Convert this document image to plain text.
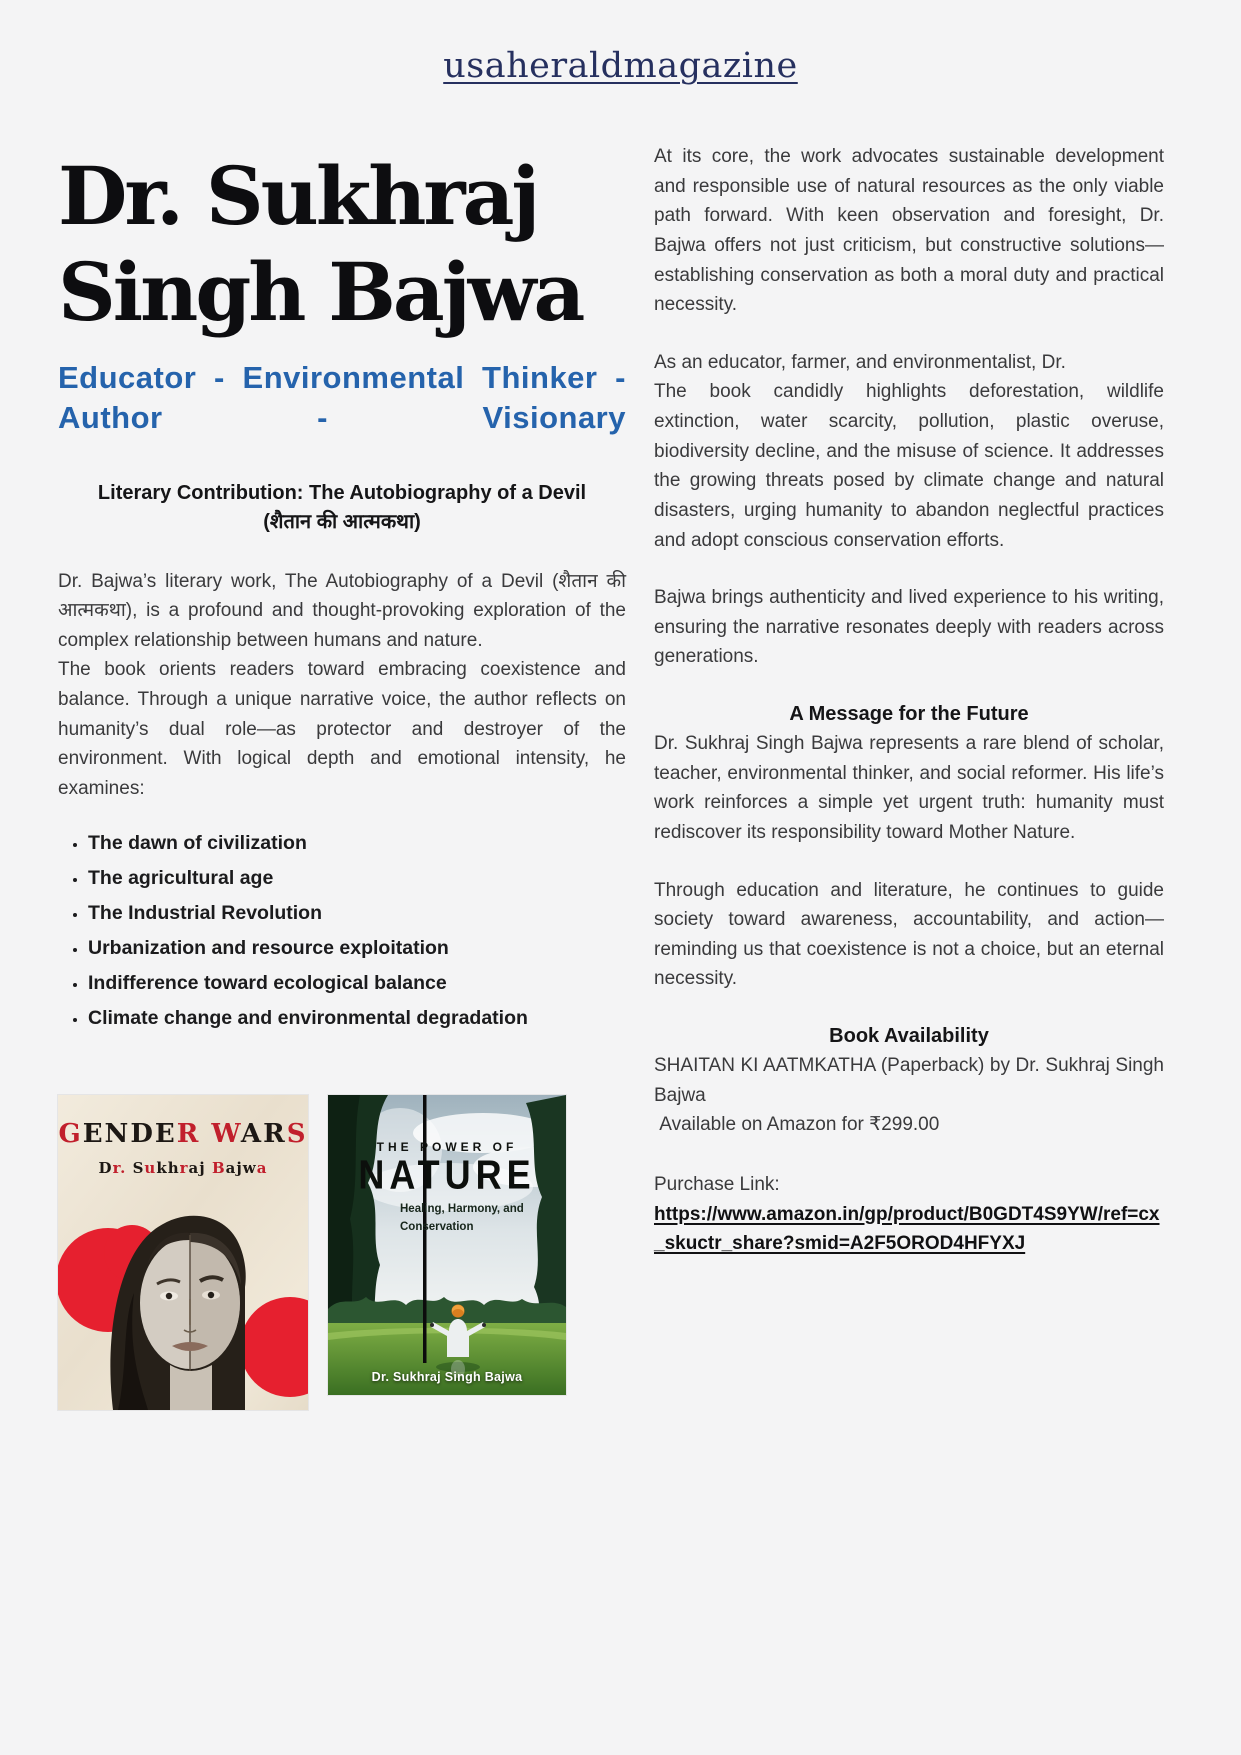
usaheraldmagazine
Dr. Sukhraj
Singh Bajwa
Educator - Environmental Thinker - Author - Visionary
Literary Contribution: The Autobiography of a Devil
(शैतान की आत्मकथा)

Dr. Bajwa’s literary work, The Autobiography of a Devil (शैतान की आत्मकथा), is a profound and thought-provoking exploration of the complex relationship between humans and nature.

The book orients readers toward embracing coexistence and balance. Through a unique narrative voice, the author reflects on humanity’s dual role—as protector and destroyer of the environment. With logical depth and emotional intensity, he examines:

• The dawn of civilization
• The agricultural age
• The Industrial Revolution
• Urbanization and resource exploitation
• Indifference toward ecological balance
• Climate change and environmental degradation
GENDER WARS
Dr. Sukhraj Bajwa
THE POWER OF
NATURE
Healing, Harmony, and
Conservation
Dr. Sukhraj Singh Bajwa

At its core, the work advocates sustainable development and responsible use of natural resources as the only viable path forward. With keen observation and foresight, Dr. Bajwa offers not just criticism, but constructive solutions—establishing conservation as both a moral duty and practical necessity.

As an educator, farmer, and environmentalist, Dr.
The book candidly highlights deforestation, wildlife extinction, water scarcity, pollution, plastic overuse, biodiversity decline, and the misuse of science. It addresses the growing threats posed by climate change and natural disasters, urging humanity to abandon neglectful practices and adopt conscious conservation efforts.

Bajwa brings authenticity and lived experience to his writing, ensuring the narrative resonates deeply with readers across generations.

A Message for the Future

Dr. Sukhraj Singh Bajwa represents a rare blend of scholar, teacher, environmental thinker, and social reformer. His life’s work reinforces a simple yet urgent truth: humanity must rediscover its responsibility toward Mother Nature.

Through education and literature, he continues to guide society toward awareness, accountability, and action—reminding us that coexistence is not a choice, but an eternal necessity.

Book Availability

SHAITAN KI AATMKATHA (Paperback) by Dr. Sukhraj Singh Bajwa

Available on Amazon for ₹299.00

Purchase Link:

https://www.amazon.in/gp/product/B0GDT4S9YW/ref=cx_skuctr_share?smid=A2F5OROD4HFYXJ
